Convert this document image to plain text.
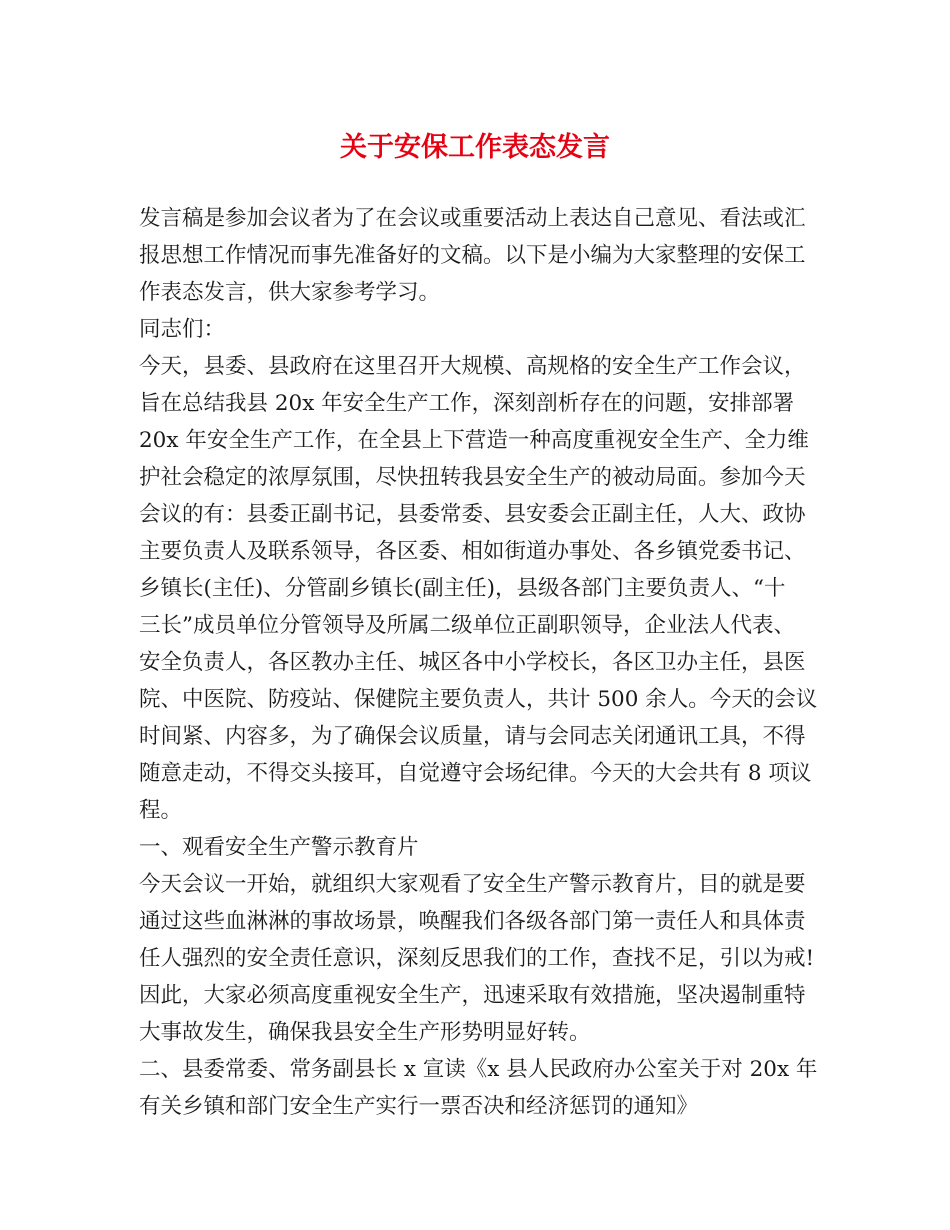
关于安保工作表态发言
发言稿是参加会议者为了在会议或重要活动上表达自己意见、看法或汇
报思想工作情况而事先准备好的文稿。以下是小编为大家整理的安保工
作表态发言，供大家参考学习。
同志们：
今天，县委、县政府在这里召开大规模、高规格的安全生产工作会议，
旨在总结我县 20x 年安全生产工作，深刻剖析存在的问题，安排部署
20x 年安全生产工作，在全县上下营造一种高度重视安全生产、全力维
护社会稳定的浓厚氛围，尽快扭转我县安全生产的被动局面。参加今天
会议的有：县委正副书记，县委常委、县安委会正副主任，人大、政协
主要负责人及联系领导，各区委、相如街道办事处、各乡镇党委书记、
乡镇长(主任)、分管副乡镇长(副主任)，县级各部门主要负责人、“十
三长”成员单位分管领导及所属二级单位正副职领导，企业法人代表、
安全负责人，各区教办主任、城区各中小学校长，各区卫办主任，县医
院、中医院、防疫站、保健院主要负责人，共计 500 余人。今天的会议
时间紧、内容多，为了确保会议质量，请与会同志关闭通讯工具，不得
随意走动，不得交头接耳，自觉遵守会场纪律。今天的大会共有 8 项议
程。
一、观看安全生产警示教育片
今天会议一开始，就组织大家观看了安全生产警示教育片，目的就是要
通过这些血淋淋的事故场景，唤醒我们各级各部门第一责任人和具体责
任人强烈的安全责任意识，深刻反思我们的工作，查找不足，引以为戒!
因此，大家必须高度重视安全生产，迅速采取有效措施，坚决遏制重特
大事故发生，确保我县安全生产形势明显好转。
二、县委常委、常务副县长 x 宣读《x 县人民政府办公室关于对 20x 年
有关乡镇和部门安全生产实行一票否决和经济惩罚的通知》
